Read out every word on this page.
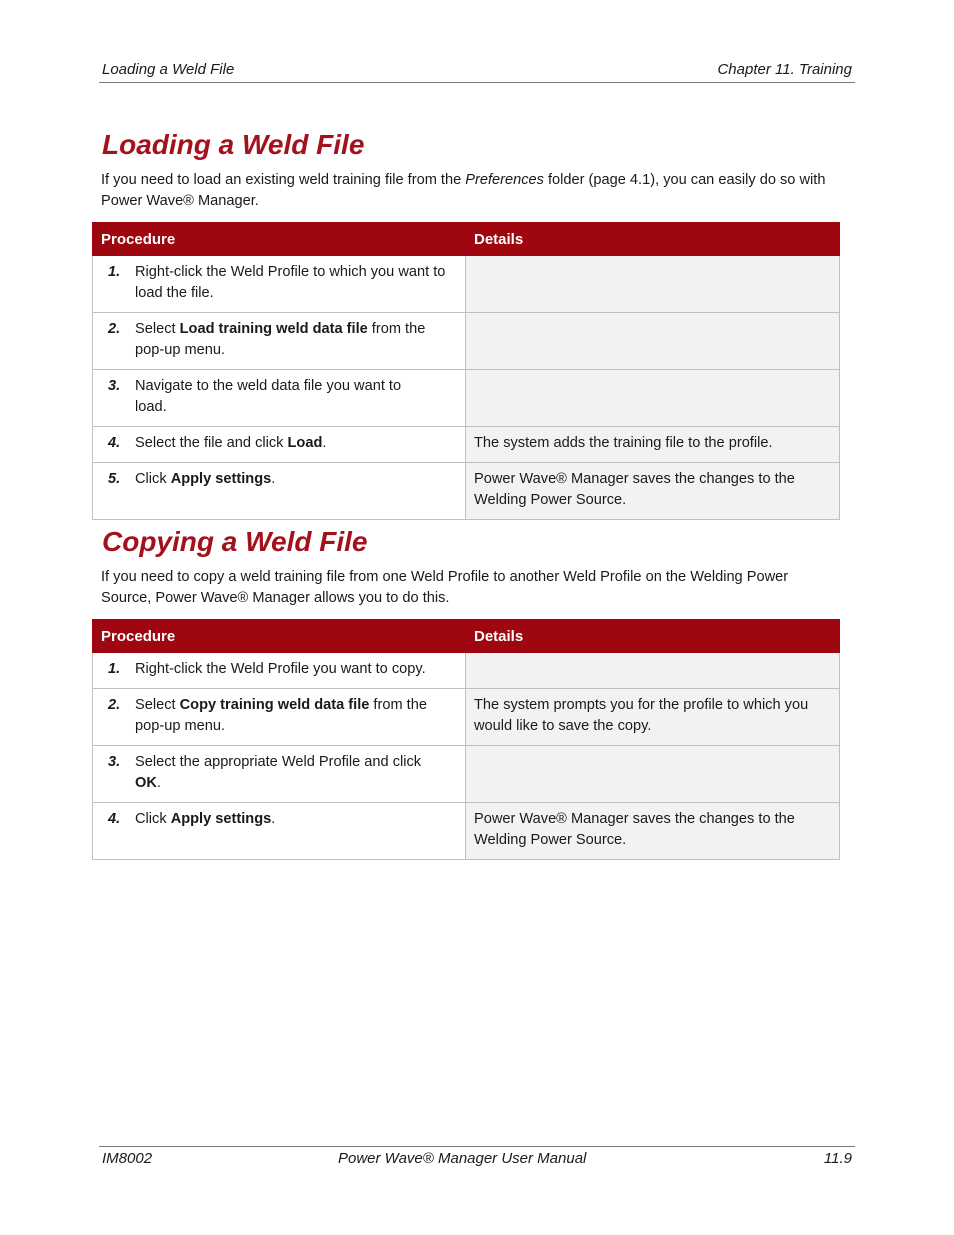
Loading a Weld File	Chapter 11. Training
Loading a Weld File

If you need to load an existing weld training file from the Preferences folder (page 4.1), you can easily do so with Power Wave® Manager.

Procedure	Details

1. Right-click the Weld Profile to which you want to load the file.	

2. Select Load training weld data file from the pop-up menu.	

3. Navigate to the weld data file you want to load.	

4. Select the file and click Load.	The system adds the training file to the profile.

5. Click Apply settings.	Power Wave® Manager saves the changes to the Welding Power Source.
Copying a Weld File

If you need to copy a weld training file from one Weld Profile to another Weld Profile on the Welding Power Source, Power Wave® Manager allows you to do this.

Procedure	Details

1. Right-click the Weld Profile you want to copy.	

2. Select Copy training weld data file from the pop-up menu.	The system prompts you for the profile to which you would like to save the copy.

3. Select the appropriate Weld Profile and click OK.	

4. Click Apply settings.	Power Wave® Manager saves the changes to the Welding Power Source.
IM8002	Power Wave® Manager User Manual	11.9
